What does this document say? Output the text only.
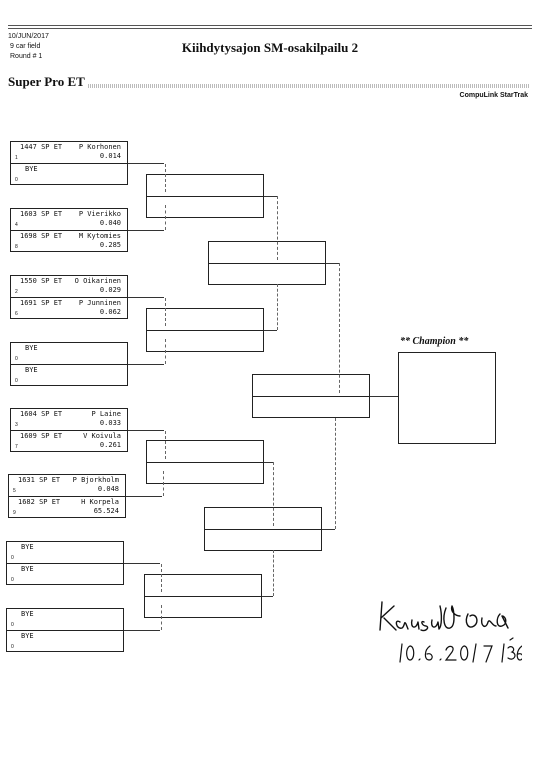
10/JUN/2017
9 car field
Round # 1
Kiihdytysajon SM-osakilpailu 2
Super Pro ET
CompuLink StarTrak
1447 SP ET P Korhonen
0.014
1
BYE
0
1603 SP ET P Vierikko
0.040
4
1698 SP ET M Kytomies
0.285
8
1550 SP ET O Oikarinen
0.029
2
1691 SP ET P Junninen
0.062
6
BYE
0
BYE
0
1604 SP ET	P Laine
0.033
3
1609 SP ET	V Koivula
0.261
7
1631 SP ET P Bjorkholm
0.048
5
1682 SP ET	H Korpela
65.524
9
BYE
0
BYE
0
BYE
0
BYE
0
** Champion **
